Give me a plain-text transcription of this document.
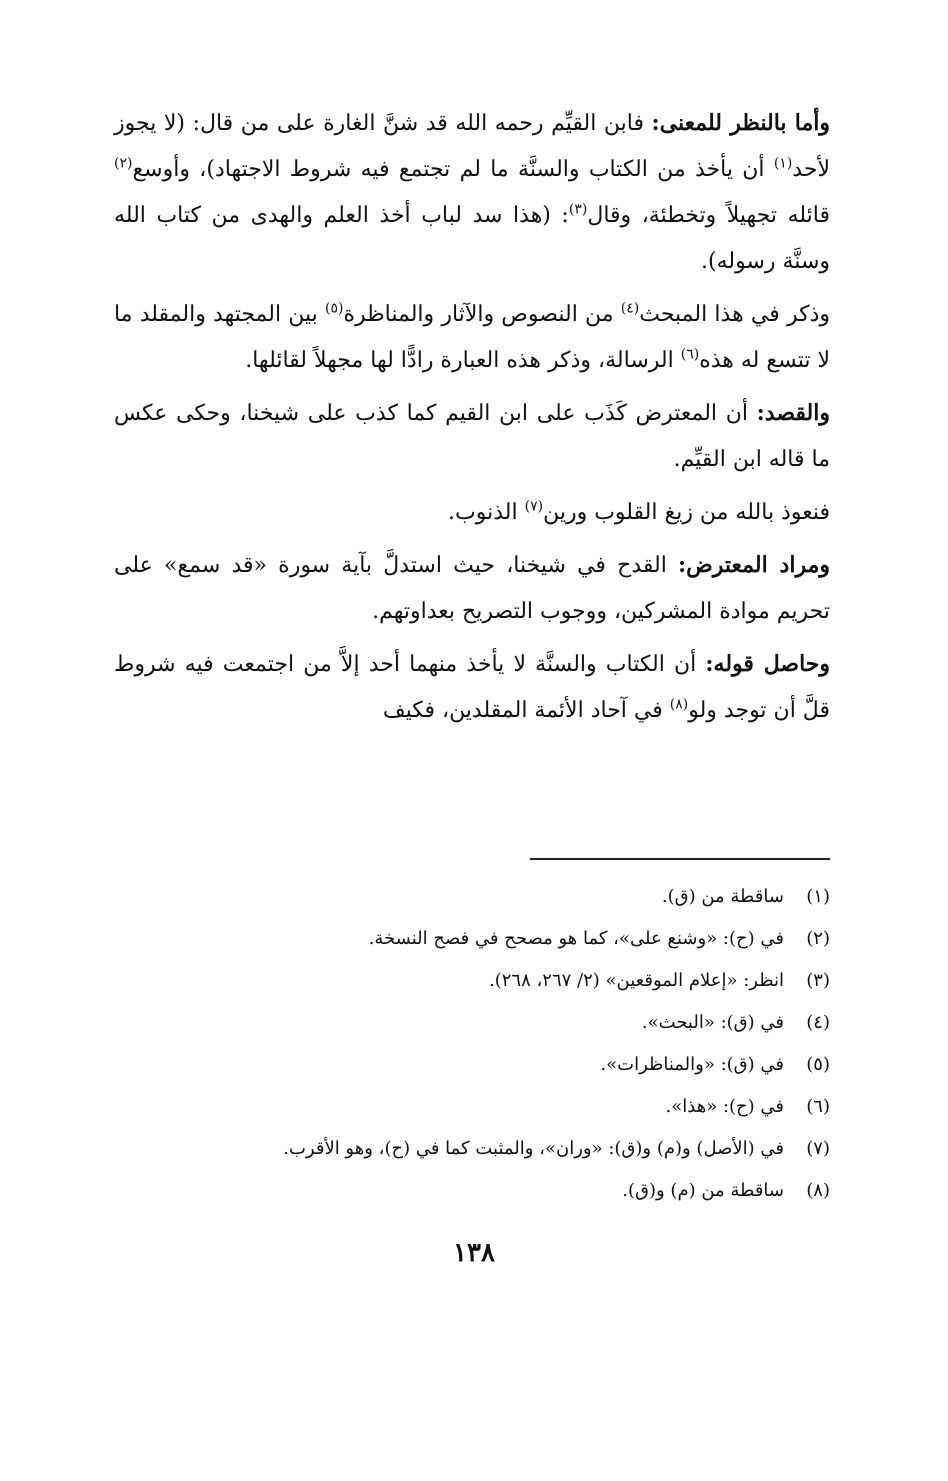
وأما بالنظر للمعنى: فابن القيِّم رحمه الله قد شنَّ الغارة على من قال: (لا يجوز لأحد$^{(١)}$ أن يأخذ من الكتاب والسنَّة ما لم تجتمع فيه شروط الاجتهاد)، وأوسع$^{(٢)}$ قائله تجهيلاً وتخطئة، وقال$^{(٣)}$: (هذا سد لباب أخذ العلم والهدى من كتاب الله وسنَّة رسوله).

وذكر في هذا المبحث$^{(٤)}$ من النصوص والآثار والمناظرة$^{(٥)}$ بين المجتهد والمقلد ما لا تتسع له هذه$^{(٦)}$ الرسالة، وذكر هذه العبارة رادًّا لها مجهلاً لقائلها.

والقصد: أن المعترض كَذَب على ابن القيم كما كذب على شيخنا، وحكى عكس ما قاله ابن القيِّم.

فنعوذ بالله من زيغ القلوب ورين$^{(٧)}$ الذنوب.

ومراد المعترض: القدح في شيخنا، حيث استدلَّ بآية سورة «قد سمع» على تحريم موادة المشركين، ووجوب التصريح بعداوتهم.

وحاصل قوله: أن الكتاب والسنَّة لا يأخذ منهما أحد إلاَّ من اجتمعت فيه شروط قلَّ أن توجد ولو$^{(٨)}$ في آحاد الأئمة المقلدين، فكيف

(١)ساقطة من (ق).
(٢)في (ح): «وشنع على»، كما هو مصحح في فصح النسخة.
(٣)انظر: «إعلام الموقعين» (٢/ ٢٦٧، ٢٦٨).
(٤)في (ق): «البحث».
(٥)في (ق): «والمناظرات».
(٦)في (ح): «هذا».
(٧)في (الأصل) و(م) و(ق): «وران»، والمثبت كما في (ح)، وهو الأقرب.
(٨)ساقطة من (م) و(ق).
١٣٨
